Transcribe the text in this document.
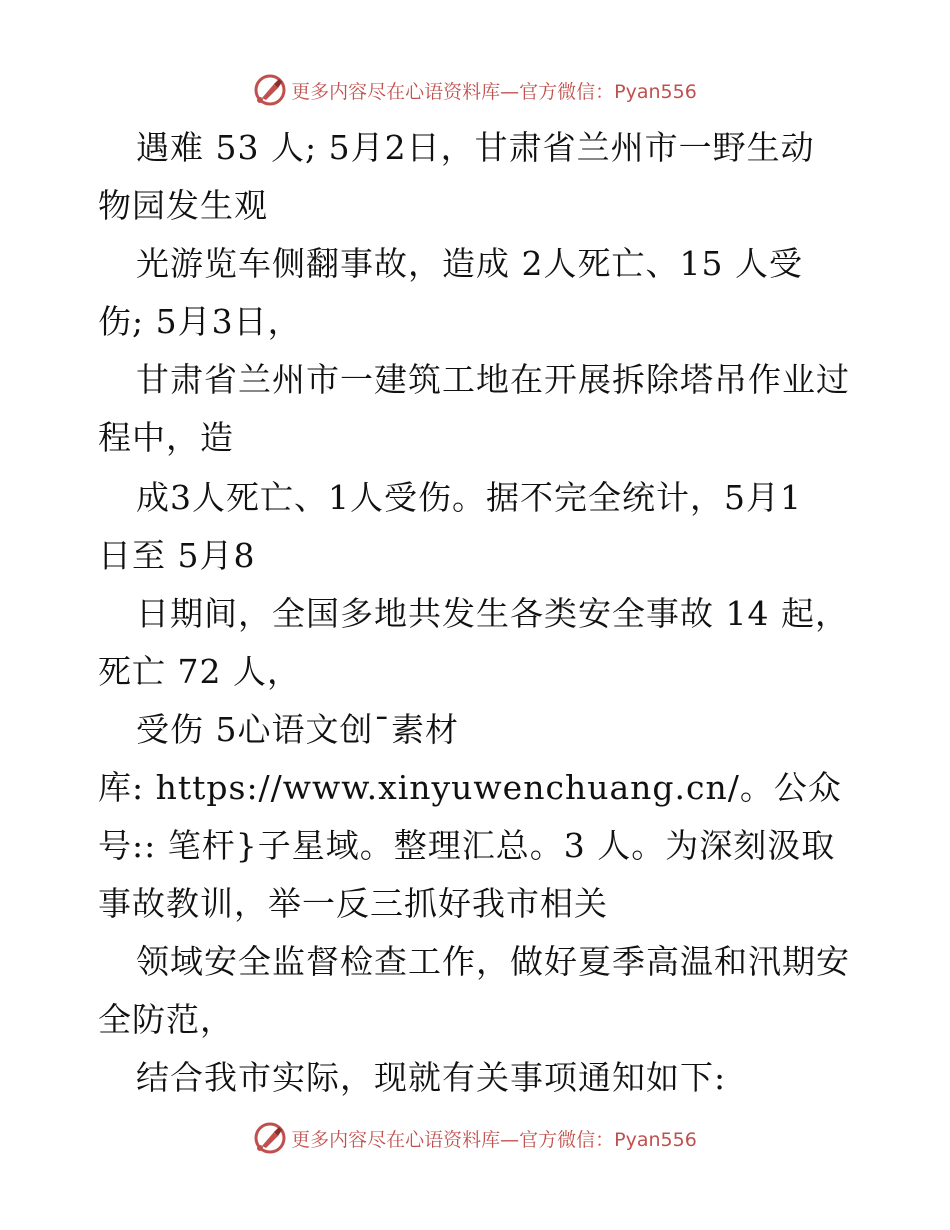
更多内容尽在心语资料库—官方微信：Pyan556
遇难 53 人; 5月2日，甘肃省兰州市一野生动
物园发生观
光游览车侧翻事故，造成 2人死亡、15 人受
伤; 5月3日，
甘肃省兰州市一建筑工地在开展拆除塔吊作业过
程中，造
成3人死亡、1人受伤。据不完全统计，5月1
日至 5月8
日期间，全国多地共发生各类安全事故 14 起，
死亡 72 人，
受伤 5心语文创¯素材
库: https://www.xinyuwenchuang.cn/。公众
号:: 笔杆}子星域。整理汇总。3 人。为深刻汲取
事故教训，举一反三抓好我市相关
领域安全监督检查工作，做好夏季高温和汛期安
全防范，
结合我市实际，现就有关事项通知如下:
更多内容尽在心语资料库—官方微信：Pyan556
